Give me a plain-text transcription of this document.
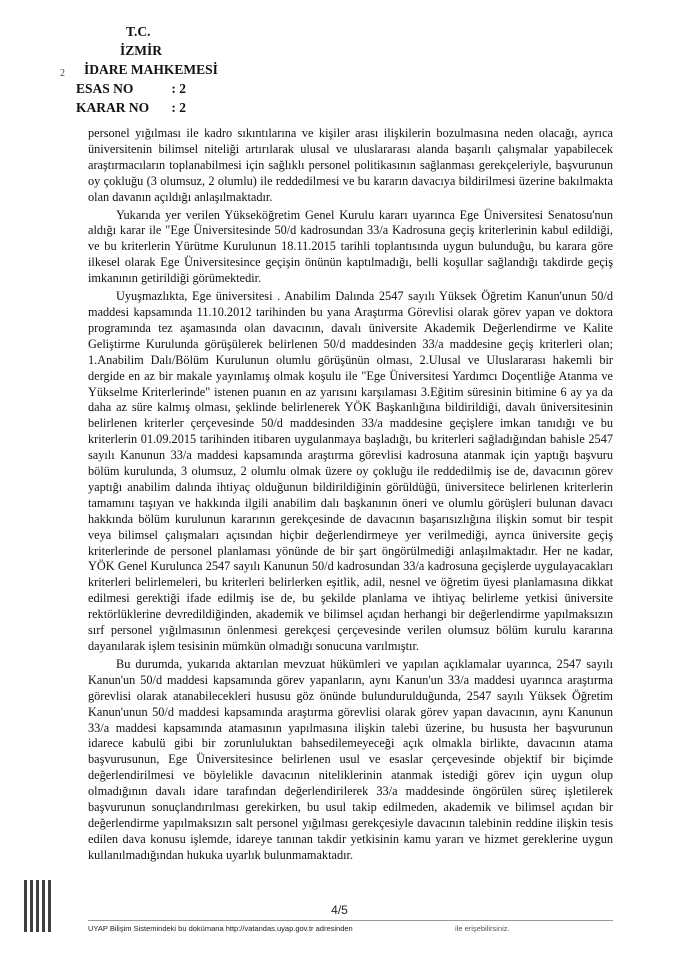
2
T.C.
İZMİR
İDARE MAHKEMESİ
ESAS NO	: 2
KARAR NO : 2

personel yığılması ile kadro sıkıntılarına ve kişiler arası ilişkilerin bozulmasına neden olacağı, ayrıca üniversitenin bilimsel niteliği artırılarak ulusal ve uluslararası alanda başarılı çalışmalar yapabilecek araştırmacıların toplanabilmesi için sağlıklı personel politikasının sağlanması gerekçeleriyle, başvurunun oy çokluğu (3 olumsuz, 2 olumlu) ile reddedilmesi ve bu kararın davacıya bildirilmesi üzerine bakılmakta olan davanın açıldığı anlaşılmaktadır.

Yukarıda yer verilen Yükseköğretim Genel Kurulu kararı uyarınca Ege Üniversitesi Senatosu'nun aldığı karar ile "Ege Üniversitesinde 50/d kadrosundan 33/a Kadrosuna geçiş kriterlerinin kabul edildiği, ve bu kriterlerin Yürütme Kurulunun 18.11.2015 tarihli toplantısında uygun bulunduğu, bu karara göre ilkesel olarak Ege Üniversitesince geçişin önünün kaptılmadığı, belli koşullar sağlandığı takdirde geçiş imkanının getirildiği görümektedir.

Uyuşmazlıkta, Ege üniversitesi . Anabilim Dalında 2547 sayılı Yüksek Öğretim Kanun'unun 50/d maddesi kapsamında 11.10.2012 tarihinden bu yana Araştırma Görevlisi olarak görev yapan ve doktora programında tez aşamasında olan davacının, davalı üniversite Akademik Değerlendirme ve Kalite Geliştirme Kurulunda görüşülerek belirlenen 50/d maddesinden 33/a maddesine geçiş kriterleri olan; 1.Anabilim Dalı/Bölüm Kurulunun olumlu görüşünün olması, 2.Ulusal ve Uluslararası hakemli bir dergide en az bir makale yayınlamış olmak koşulu ile "Ege Üniversitesi Yardımcı Doçentliğe Atanma ve Yükselme Kriterlerinde" istenen puanın en az yarısını karşılaması 3.Eğitim süresinin bitimine 6 ay ya da daha az süre kalmış olması, şeklinde belirlenerek YÖK Başkanlığına bildirildiği, davalı üniversitesinin belirlenen kriterler çerçevesinde 50/d maddesinden 33/a maddesine geçişlere imkan tanıdığı ve bu kriterlerin 01.09.2015 tarihinden itibaren uygulanmaya başladığı, bu kriterleri sağladığından bahisle 2547 sayılı Kanunun 33/a maddesi kapsamında araştırma görevlisi kadrosuna atanmak için yaptığı başvuru bölüm kurulunda, 3 olumsuz, 2 olumlu olmak üzere oy çokluğu ile reddedilmiş ise de, davacının görev yaptığı anabilim dalında ihtiyaç olduğunun bildirildiğinin görüldüğü, üniversitece belirlenen kriterlerin tamamını taşıyan ve hakkında ilgili anabilim dalı başkanının öneri ve olumlu görüşleri bulunan davacı hakkında bölüm kurulunun kararının gerekçesinde de davacının başarısızlığına ilişkin somut bir tespit veya bilimsel çalışmaları açısından hiçbir değerlendirmeye yer verilmediği, ayrıca üniversite geçiş kriterlerinde de personel planlaması yönünde de bir şart öngörülmediği anlaşılmaktadır. Her ne kadar, YÖK Genel Kurulunca 2547 sayılı Kanunun 50/d kadrosundan 33/a kadrosuna geçişlerde uygulayacakları kriterleri belirlemeleri, bu kriterleri belirlerken eşitlik, adil, nesnel ve öğretim üyesi planlamasına dikkat edilmesi gerektiği ifade edilmiş ise de, bu şekilde planlama ve ihtiyaç belirleme yetkisi üniversite rektörlüklerine devredildiğinden, akademik ve bilimsel açıdan herhangi bir değerlendirme yapılmaksızın sırf personel yığılmasının önlenmesi gerekçesi çerçevesinde verilen olumsuz bölüm kurulu kararına dayanılarak işlem tesisinin mümkün olmadığı sonucuna varılmıştır.

Bu durumda, yukarıda aktarılan mevzuat hükümleri ve yapılan açıklamalar uyarınca, 2547 sayılı Kanun'un 50/d maddesi kapsamında görev yapanların, aynı Kanun'un 33/a maddesi uyarınca araştırma görevlisi olarak atanabilecekleri hususu göz önünde bulundurulduğunda, 2547 sayılı Yüksek Öğretim Kanun'unun 50/d maddesi kapsamında araştırma görevlisi olarak görev yapan davacının, aynı Kanunun 33/a maddesi kapsamında atamasının yapılmasına ilişkin talebi üzerine, bu hususta her başvurunun idarece kabulü gibi bir zorunluluktan bahsedilemeyeceği açık olmakla birlikte, davacının atama başvurusunun, Ege Üniversitesince belirlenen usul ve esaslar çerçevesinde objektif bir biçimde değerlendirilmesi ve böylelikle davacının niteliklerinin atanmak istediği görev için uygun olup olmadığının davalı idare tarafından değerlendirilerek 33/a maddesinde öngörülen süreç işletilerek başvurunun sonuçlandırılması gerekirken, bu usul takip edilmeden, akademik ve bilimsel açıdan bir değerlendirme yapılmaksızın salt personel yığılması gerekçesiyle davacının talebinin reddine ilişkin tesis edilen dava konusu işlemde, idareye tanınan takdir yetkisinin kamu yararı ve hizmet gereklerine uygun kullanılmadığından hukuka uyarlık bulunmamaktadır.

4/5
UYAP Bilişim Sistemindeki bu dokümana http://vatandas.uyap.gov.tr adresinden	ile erişebilirsiniz.
